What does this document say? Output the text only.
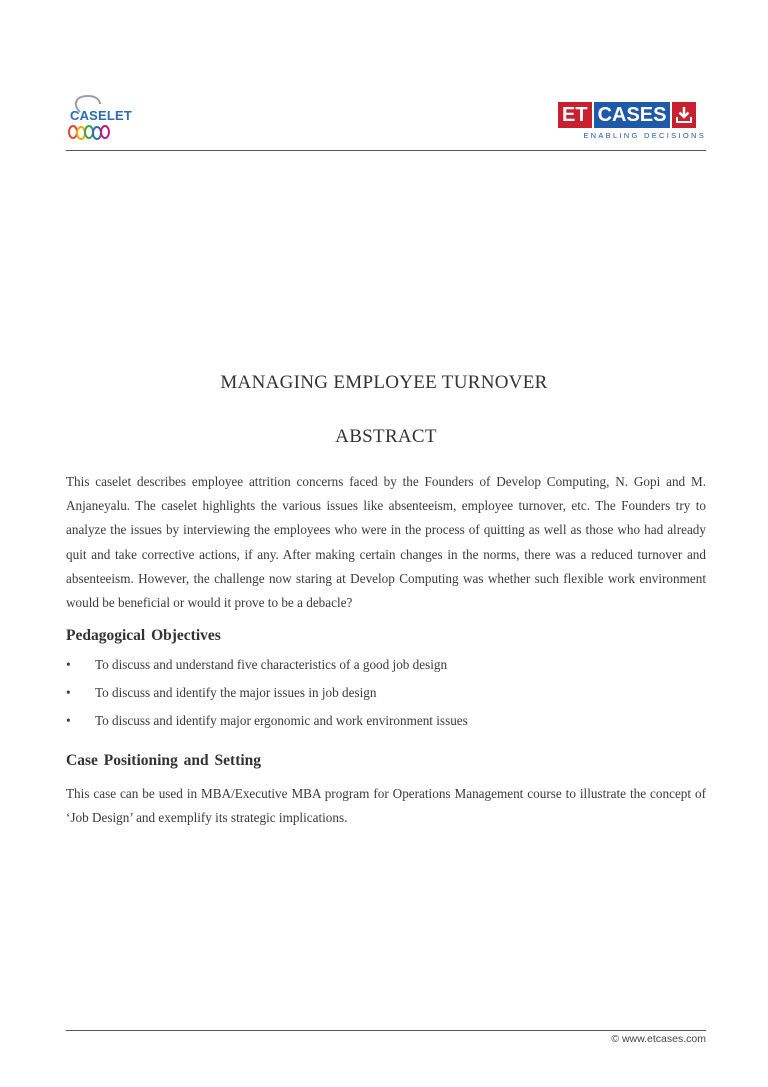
CASELET	ET CASES
ENABLING DECISIONS
MANAGING EMPLOYEE TURNOVER
ABSTRACT

This caselet describes employee attrition concerns faced by the Founders of Develop Computing, N. Gopi and M. Anjaneyalu. The caselet highlights the various issues like absenteeism, employee turnover, etc. The Founders try to analyze the issues by interviewing the employees who were in the process of quitting as well as those who had already quit and take corrective actions, if any. After making certain changes in the norms, there was a reduced turnover and absenteeism. However, the challenge now staring at Develop Computing was whether such flexible work environment would be beneficial or would it prove to be a debacle?

Pedagogical Objectives
• To discuss and understand five characteristics of a good job design
• To discuss and identify the major issues in job design
• To discuss and identify major ergonomic and work environment issues
Case Positioning and Setting

This case can be used in MBA/Executive MBA program for Operations Management course to illustrate the concept of ‘Job Design’ and exemplify its strategic implications.

© www.etcases.com
